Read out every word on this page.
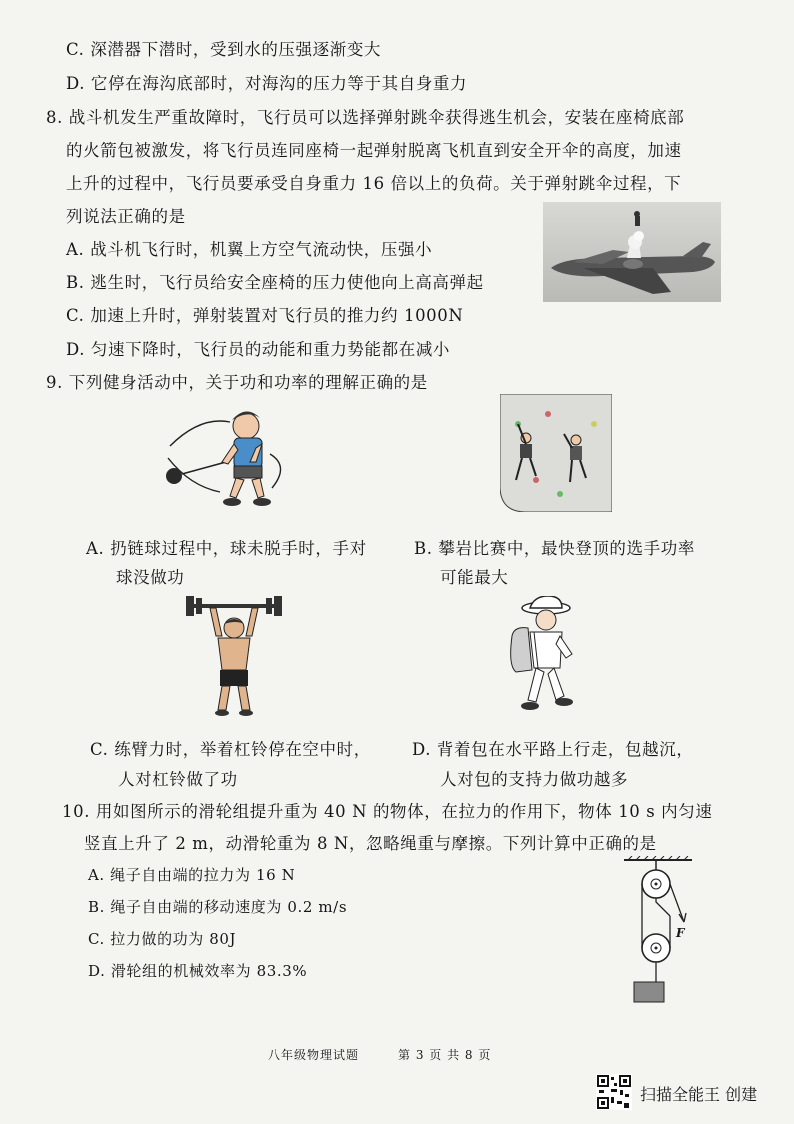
C. 深潜器下潜时，受到水的压强逐渐变大
D. 它停在海沟底部时，对海沟的压力等于其自身重力
8. 战斗机发生严重故障时，飞行员可以选择弹射跳伞获得逃生机会，安装在座椅底部
的火箭包被激发，将飞行员连同座椅一起弹射脱离飞机直到安全开伞的高度，加速
上升的过程中，飞行员要承受自身重力 16 倍以上的负荷。关于弹射跳伞过程，下
列说法正确的是
A. 战斗机飞行时，机翼上方空气流动快，压强小
B. 逃生时，飞行员给安全座椅的压力使他向上高高弹起
C. 加速上升时，弹射装置对飞行员的推力约 1000N
D. 匀速下降时，飞行员的动能和重力势能都在减小
9. 下列健身活动中，关于功和功率的理解正确的是
A. 扔链球过程中，球未脱手时，手对
球没做功
B. 攀岩比赛中，最快登顶的选手功率
可能最大
C. 练臂力时，举着杠铃停在空中时，
人对杠铃做了功
D. 背着包在水平路上行走，包越沉，
人对包的支持力做功越多
10. 用如图所示的滑轮组提升重为 40 N 的物体，在拉力的作用下，物体 10 s 内匀速
竖直上升了 2 m，动滑轮重为 8 N，忽略绳重与摩擦。下列计算中正确的是
A. 绳子自由端的拉力为 16 N
B. 绳子自由端的移动速度为 0.2 m/s
C. 拉力做的功为 80J
D. 滑轮组的机械效率为 83.3%
F
八年级物理试题	第 3 页 共 8 页
扫描全能王 创建
